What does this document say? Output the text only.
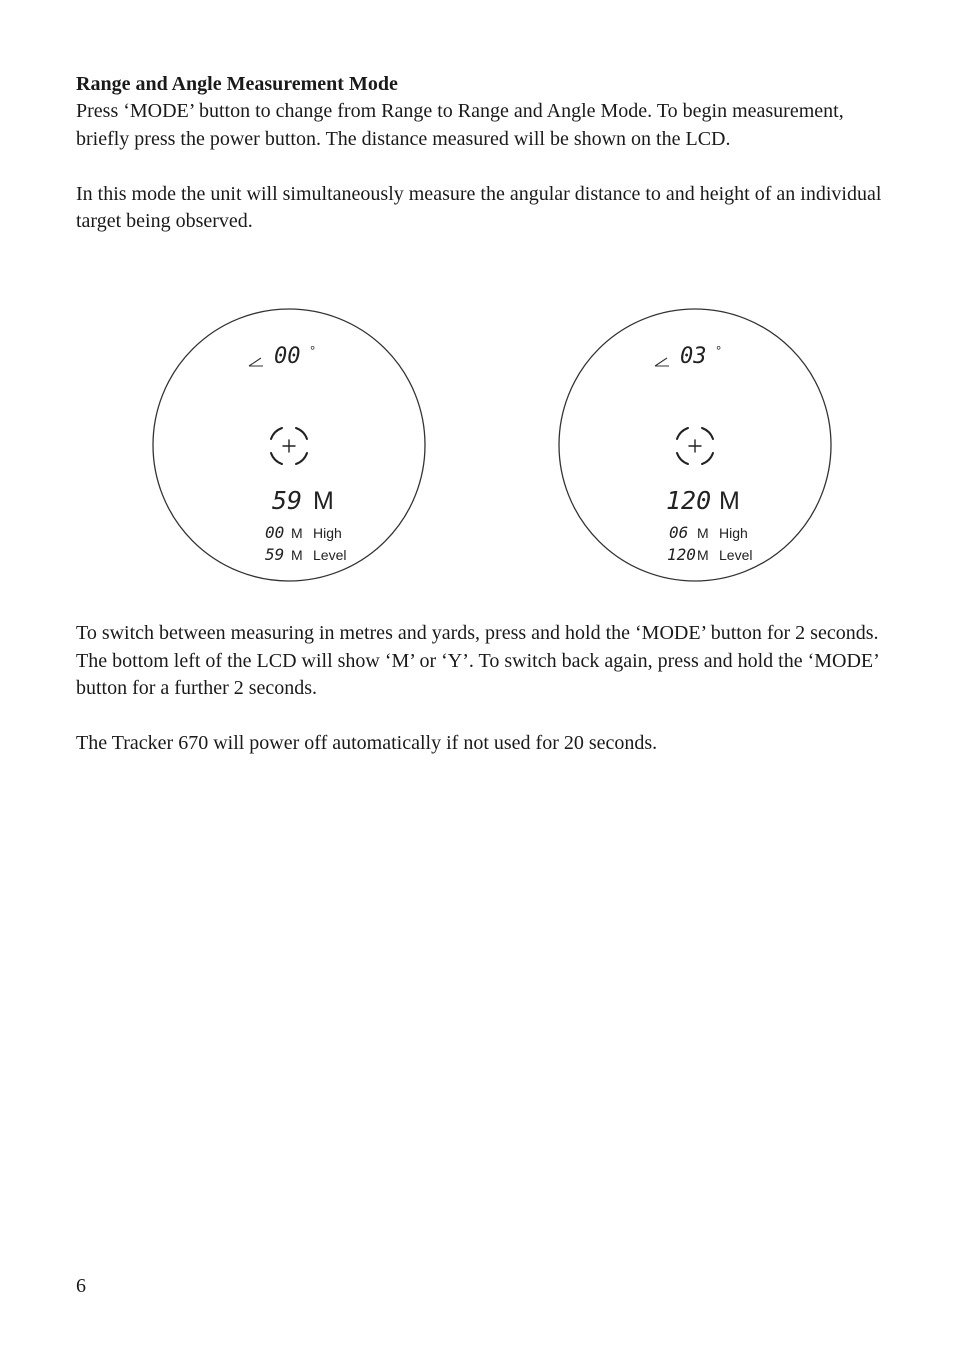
Range and Angle Measurement Mode

Press ‘MODE’ button to change from Range to Range and Angle Mode. To begin measurement, briefly press the power button. The distance measured will be shown on the LCD.

In this mode the unit will simultaneously measure the angular distance to and height of an individual target being observed.

00 °
59 M
00 M High
59 M Level
03 °
120 M
06 M High
120 M Level

To switch between measuring in metres and yards, press and hold the ‘MODE’ button for 2 seconds. The bottom left of the LCD will show ‘M’ or ‘Y’. To switch back again, press and hold the ‘MODE’ button for a further 2 seconds.

The Tracker 670 will power off automatically if not used for 20 seconds.

6
